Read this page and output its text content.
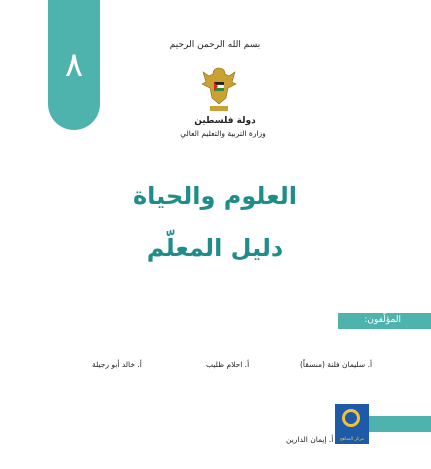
٨	بسم الله الرحمن الرحيم
دولة فلسطين
وزارة التربية والتعليم العالي
العلوم والحياة
دليل المعلّم
المؤلّفون:
أ. سليمان فلنة (منسقاً)
أ. احلام ظليب
أ. خالد أبو رجيلة
أ. إيمان الدارين	مركز المناهج
